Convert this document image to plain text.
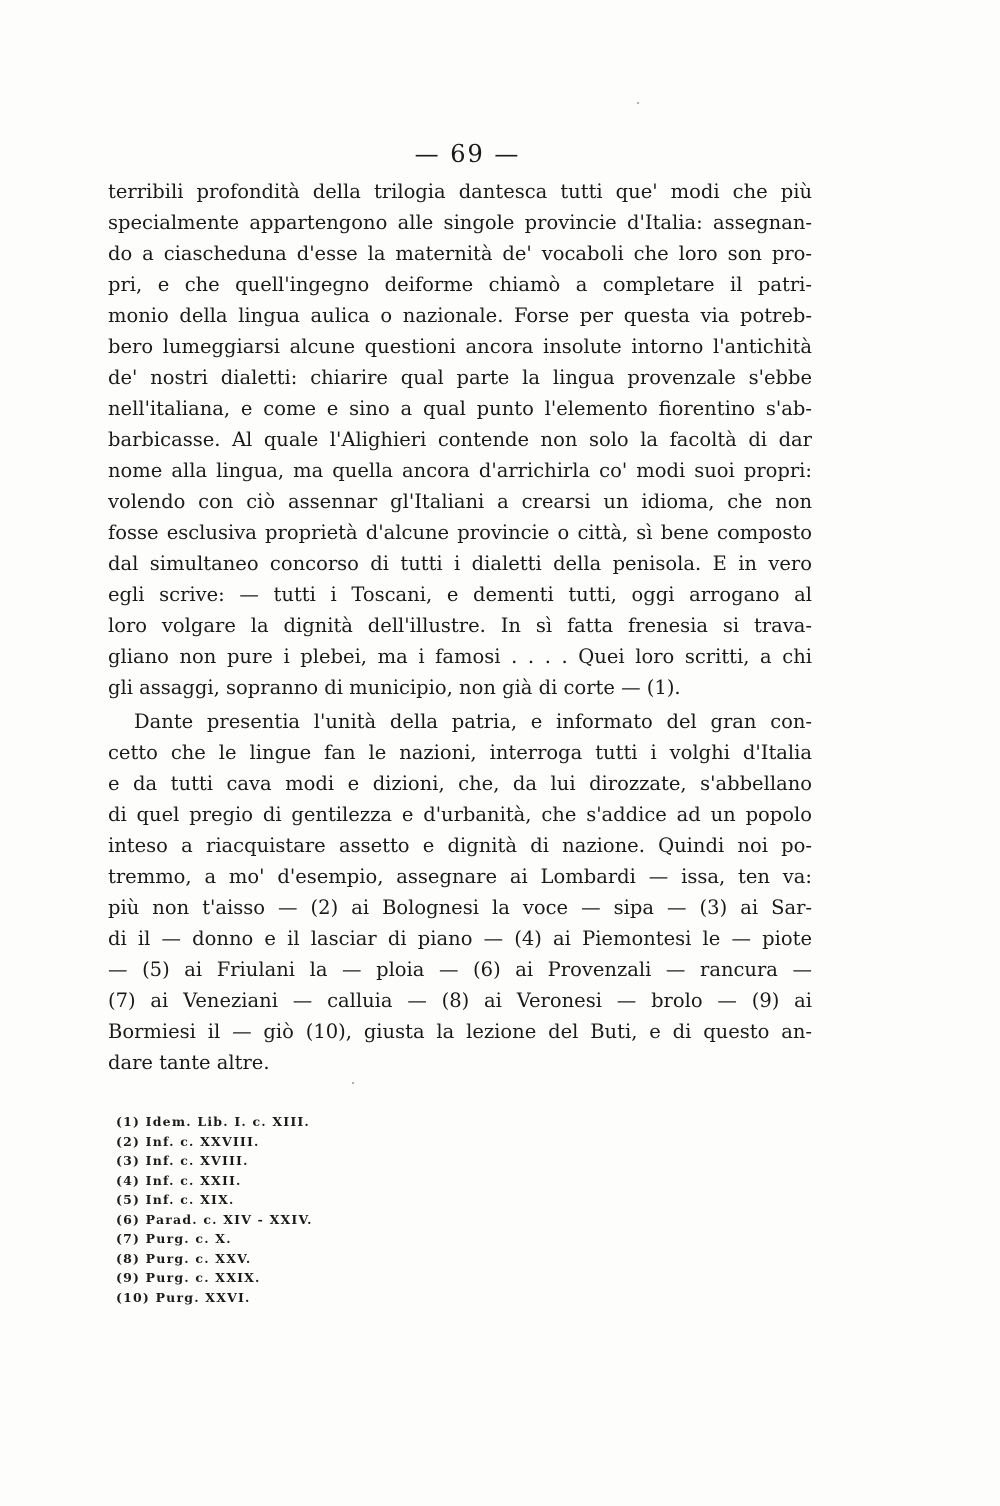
— 69 —
terribili profondità della trilogia dantesca tutti que' modi che più
specialmente appartengono alle singole provincie d'Italia: assegnan-
do a ciascheduna d'esse la maternità de' vocaboli che loro son pro-
pri, e che quell'ingegno deiforme chiamò a completare il patri-
monio della lingua aulica o nazionale. Forse per questa via potreb-
bero lumeggiarsi alcune questioni ancora insolute intorno l'antichità
de' nostri dialetti: chiarire qual parte la lingua provenzale s'ebbe
nell'italiana, e come e sino a qual punto l'elemento fiorentino s'ab-
barbicasse. Al quale l'Alighieri contende non solo la facoltà di dar
nome alla lingua, ma quella ancora d'arrichirla co' modi suoi propri:
volendo con ciò assennar gl'Italiani a crearsi un idioma, che non
fosse esclusiva proprietà d'alcune provincie o città, sì bene composto
dal simultaneo concorso di tutti i dialetti della penisola. E in vero
egli scrive: — tutti i Toscani, e dementi tutti, oggi arrogano al
loro volgare la dignità dell'illustre. In sì fatta frenesia si trava-
gliano non pure i plebei, ma i famosi . . . . Quei loro scritti, a chi
gli assaggi, sopranno di municipio, non già di corte — (1).
Dante presentia l'unità della patria, e informato del gran con-
cetto che le lingue fan le nazioni, interroga tutti i volghi d'Italia
e da tutti cava modi e dizioni, che, da lui dirozzate, s'abbellano
di quel pregio di gentilezza e d'urbanità, che s'addice ad un popolo
inteso a riacquistare assetto e dignità di nazione. Quindi noi po-
tremmo, a mo' d'esempio, assegnare ai Lombardi — issa, ten va:
più non t'aisso — (2) ai Bolognesi la voce — sipa — (3) ai Sar-
di il — donno e il lasciar di piano — (4) ai Piemontesi le — piote
— (5) ai Friulani la — ploia — (6) ai Provenzali — rancura —
(7) ai Veneziani — calluia — (8) ai Veronesi — brolo — (9) ai
Bormiesi il — giò (10), giusta la lezione del Buti, e di questo an-
dare tante altre.
(1) Idem. Lib. I. c. XIII.
(2) Inf. c. XXVIII.
(3) Inf. c. XVIII.
(4) Inf. c. XXII.
(5) Inf. c. XIX.
(6) Parad. c. XIV - XXIV.
(7) Purg. c. X.
(8) Purg. c. XXV.
(9) Purg. c. XXIX.
(10) Purg. XXVI.
